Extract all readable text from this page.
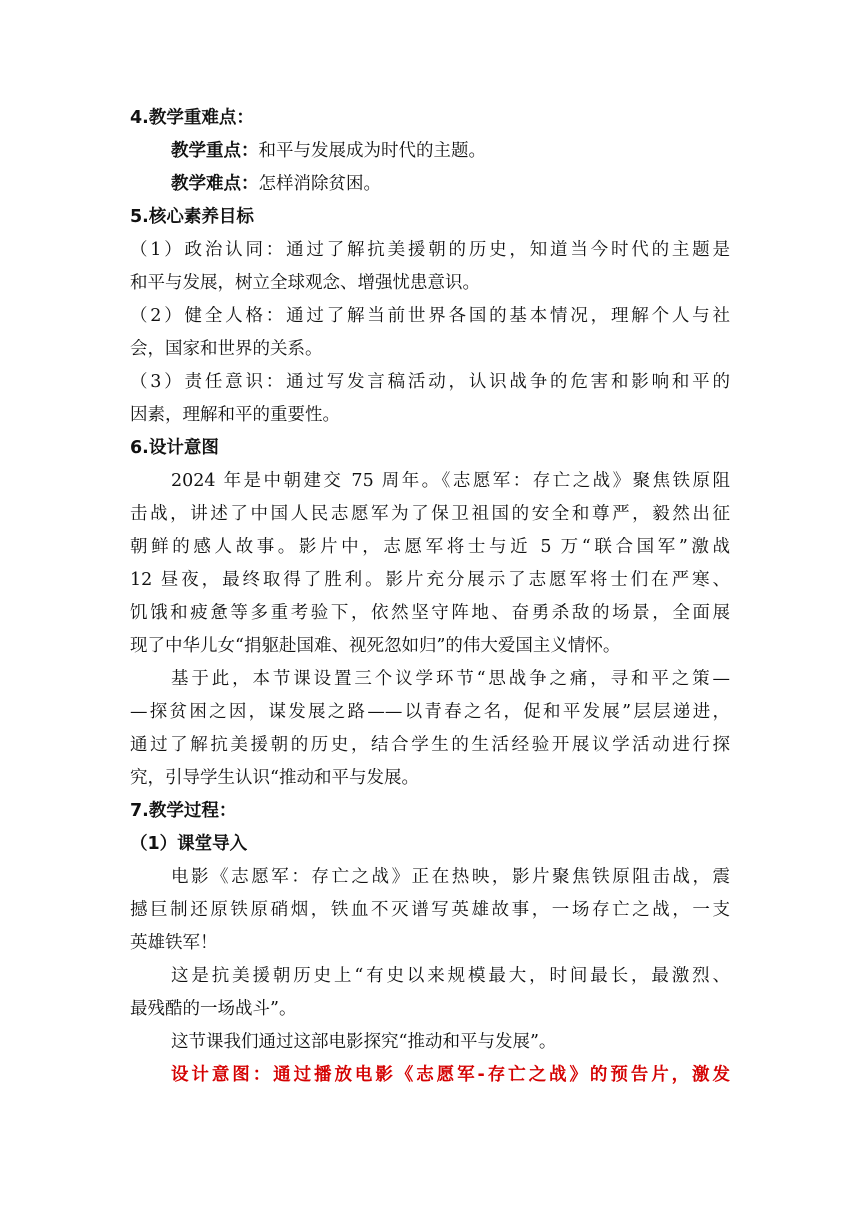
4.教学重难点：
教学重点：和平与发展成为时代的主题。
教学难点：怎样消除贫困。
5.核心素养目标
（1）政治认同：通过了解抗美援朝的历史，知道当今时代的主题是
和平与发展，树立全球观念、增强忧患意识。
（2）健全人格：通过了解当前世界各国的基本情况，理解个人与社
会，国家和世界的关系。
（3）责任意识：通过写发言稿活动，认识战争的危害和影响和平的
因素，理解和平的重要性。
6.设计意图
2024 年是中朝建交 75 周年。《志愿军：存亡之战》聚焦铁原阻
击战，讲述了中国人民志愿军为了保卫祖国的安全和尊严，毅然出征
朝鲜的感人故事。影片中，志愿军将士与近 5 万“联合国军”激战
12 昼夜，最终取得了胜利。影片充分展示了志愿军将士们在严寒、
饥饿和疲惫等多重考验下，依然坚守阵地、奋勇杀敌的场景，全面展
现了中华儿女“捐躯赴国难、视死忽如归”的伟大爱国主义情怀。
基于此，本节课设置三个议学环节“思战争之痛，寻和平之策—
—探贫困之因，谋发展之路——以青春之名，促和平发展”层层递进，
通过了解抗美援朝的历史，结合学生的生活经验开展议学活动进行探
究，引导学生认识“推动和平与发展。
7.教学过程：
（1）课堂导入
电影《志愿军：存亡之战》正在热映，影片聚焦铁原阻击战，震
撼巨制还原铁原硝烟，铁血不灭谱写英雄故事，一场存亡之战，一支
英雄铁军！
这是抗美援朝历史上“有史以来规模最大，时间最长，最激烈、
最残酷的一场战斗”。
这节课我们通过这部电影探究“推动和平与发展”。
设计意图：通过播放电影《志愿军-存亡之战》的预告片，激发
